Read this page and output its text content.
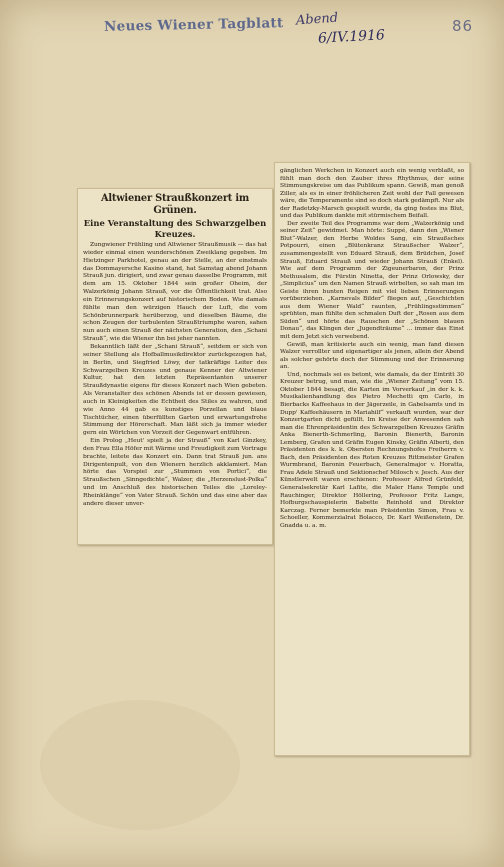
Neues Wiener Tagblatt Abend
6/IV.1916
86
Altwiener Straußkonzert im Grünen.
Eine Veranstaltung des Schwarzgelben Kreuzes.

Zungwiener Frühling und Altwiener Straußmusik — das hat wieder einmal einen wunderschönen Zweiklang gegeben. Im Hietzinger Parkhotel, genau an der Stelle, an der einstmals das Dommayersche Kasino stand, hat Samstag abend Johann Strauß jun. dirigiert, und zwar genau dasselbe Programm, mit dem am 15. Oktober 1844 sein großer Oheim, der Walzerkönig Johann Strauß, vor die Öffentlichkeit trat. Also ein Erinnerungskonzert auf historischem Boden. Wie damals fühlte man den würzigen Hauch der Luft, die vom Schönbrunnerpark herüberzog, und dieselben Bäume, die schon Zeugen der turbulenten Straußtriumphe waren, sahen nun auch einen Strauß der nächsten Generation, den „Schani Strauß“, wie die Wiener ihn bei jeher nannten.

Bekanntlich läßt der „Schani Strauß“, seitdem er sich von seiner Stellung als Hofballmusikdirektor zurückgezogen hat, in Berlin, und Siegfried Löwy, der tatkräftige Leiter des Schwarzgelben Kreuzes und genaue Kenner der Altwiener Kultur, hat den letzten Repräsentanten unserer Straußdynastie eigens für dieses Konzert nach Wien gebeten. Als Veranstalter des schönen Abends ist er dessen gewiesen, auch in Kleinigkeiten die Echtheit des Stiles zu wahren, und wie Anno 44 gab es kunstiges Porzellan und blaue Tischtücher, einen überfüllten Garten und erwartungsfrohe Stimmung der Hörerschaft. Man läßt sich ja immer wieder gern ein Wörtchen von Vorzeit der Gegenwart entführen.

Ein Prolog „Heut' spielt ja der Strauß“ von Karl Ginzkey, den Frau Ella Höfer mit Wärme und Freudigkeit zum Vortrage brachte, leitete das Konzert ein. Dann trat Strauß jun. ans Dirigentenpult, von den Wienern herzlich akklamiert. Man hörte das Vorspiel zur „Stummen von Portici“, die Straußschen „Sinngedichte“, Walzer, die „Herzenslust-Polka“ und im Anschluß des historischen Teiles die „Loreley-Rheinklänge“ von Vater Strauß. Schön und das eine aber das andere dieser unver-

gänglichen Werkchen in Konzert auch ein wenig verblaßt, so fühlt man doch den Zauber ihres Rhythmus, der seine Stimmungskreise um das Publikum spann. Gewiß, man genoß Ziller, als es in einer fröhlicheren Zeit wohl der Fall gewesen wäre, die Temperamente sind so doch stark gedämpft. Nur als der Radetzky-Marsch gespielt wurde, da ging festes ins Blut, und das Publikum dankte mit stürmischem Beifall.

Der zweite Teil des Programms war dem „Walzerkönig und seiner Zeit“ gewidmet. Man hörte: Suppé, dann den „Wiener Blut“-Walzer, den Herbe Woldes Sang, ein Straußsches Potpourri, einen „Blütenkranz Straußscher Walzer“, zusammengestellt von Eduard Strauß, dem Brüdchen, Josef Strauß, Eduard Strauß und wieder Johann Strauß (Enkel). Wie auf dem Programm der Zigeunerbaron, der Prinz Methusalem, die Fürstin Ninetta, der Prinz Orlowsky, der „Simplicius“ um den Namen Strauß wirbelten, so sah man im Geiste ihren bunten Reigen mit viel lieben Erinnerungen vorüberziehen. „Karnevals Bilder“ fliegen auf, „Geschichten aus dem Wiener Wald“ raunten, „Frühlingsstimmen“ sprühten, man fühlte den schmalen Duft der „Rosen aus dem Süden“ und hörte das Rauschen der „Schönen blauen Donau“, das Klingen der „Jugendträume“ ... immer das Einst mit dem Jetzt sich verwebend.

Gewiß, man kritisierte auch ein wenig, man fand diesen Walzer verrollter und eigenartiger als jenen, allein der Abend als solcher gehörte doch der Stimmung und der Erinnerung an.

Und, nochmals sei es betont, wie damals, da der Eintritt 30 Kreuzer betrug, und man, wie die „Wiener Zeitung“ vom 15. Oktober 1844 besagt, die Karten im Vorverkauf „in der k. k. Musikalienhandlung des Pietro Mechetti qm Carlo, in Bierbacks Kaffeehaus in der Jägerzeile, in Gabelsamts und in Dupp' Kaffeehäusern in Mariahilf“ verkauft wurden, war der Konzertgarten dicht gefüllt. Im Kreise der Anwesenden sah man die Ehrenpräsidentin des Schwarzgelben Kreuzes Gräfin Anka Bienerth-Schmerling, Baronin Bienerth, Baronin Lemberg, Grafen und Gräfin Eugen Kinsky, Gräfin Alberti, den Präsidenten des k. k. Obersten Rechnungshofes Freiherrn v. Bach, den Präsidenten des Roten Kreuzes Rittmeister Grafen Wurmbrand, Baronin Feuerbach, Generalmajor v. Horatta, Frau Adele Strauß und Sektionschef Milosch v. Jesch. Aus der Künstlerwelt waren erschienen: Professor Alfred Grünfeld, Generalsekretär Karl Lafite, die Maler Hans Temple und Rauchinger, Direktor Höllering, Professor Fritz Lange, Hofburgschauspielerin Babette Reinhold und Direktor Karczag. Ferner bemerkte man Präsidentin Simon, Frau v. Schoeller, Kommerzialrat Bolacco, Dr. Karl Weißenstein, Dr. Gnadda u. a. m.
